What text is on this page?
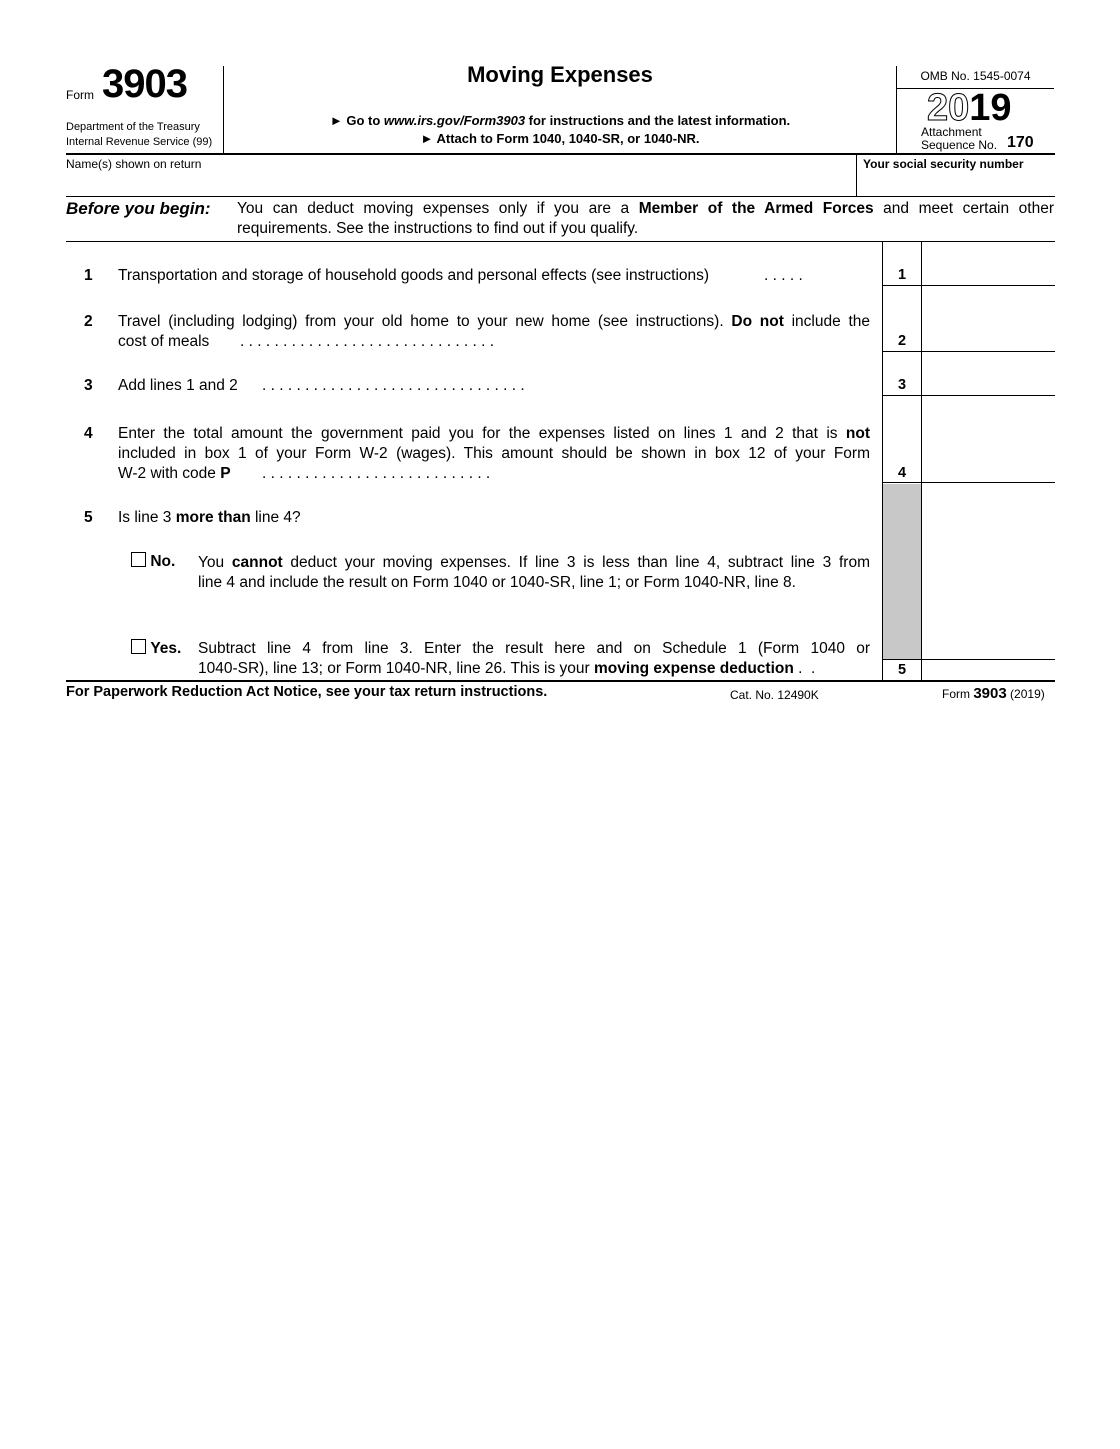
Form 3903
Department of the Treasury
Internal Revenue Service (99)
Moving Expenses
► Go to www.irs.gov/Form3903 for instructions and the latest information.
► Attach to Form 1040, 1040-SR, or 1040-NR.
OMB No. 1545-0074
2019
Attachment
Sequence No. 170
Name(s) shown on return	Your social security number
Before you begin: You can deduct moving expenses only if you are a Member of the Armed Forces and meet certain other
requirements. See the instructions to find out if you qualify.
1 Transportation and storage of household goods and personal effects (see instructions)	. . . . .	1
2 Travel (including lodging) from your old home to your new home (see instructions). Do not include the
cost of meals . . . . . . . . . . . . . . . . . . . . . . . . . . . . . .	2
3 Add lines 1 and 2 . . . . . . . . . . . . . . . . . . . . . . . . . . . . . . .	3
4 Enter the total amount the government paid you for the expenses listed on lines 1 and 2 that is not
included in box 1 of your Form W-2 (wages). This amount should be shown in box 12 of your Form
W-2 with code P . . . . . . . . . . . . . . . . . . . . . . . . . . .	4
5 Is line 3 more than line 4?
No. You cannot deduct your moving expenses. If line 3 is less than line 4, subtract line 3 from
line 4 and include the result on Form 1040 or 1040-SR, line 1; or Form 1040-NR, line 8.
Yes. Subtract line 4 from line 3. Enter the result here and on Schedule 1 (Form 1040 or
1040-SR), line 13; or Form 1040-NR, line 26. This is your moving expense deduction .  .	5
For Paperwork Reduction Act Notice, see your tax return instructions.	Cat. No. 12490K	Form 3903 (2019)
